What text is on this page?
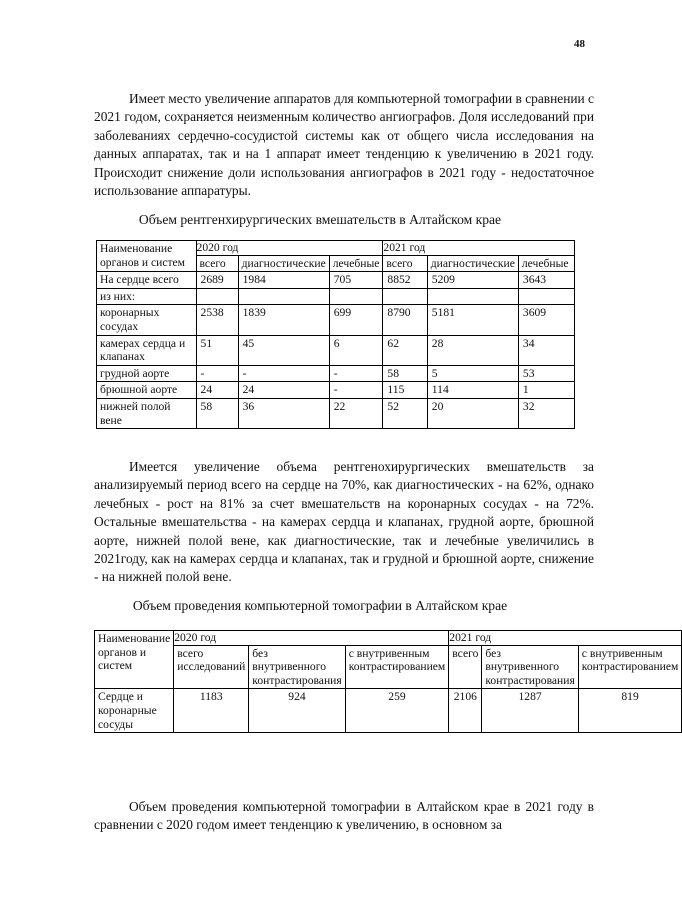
48

Имеет место увеличение аппаратов для компьютерной томографии в сравнении с 2021 годом, сохраняется неизменным количество ангиографов. Доля исследований при заболеваниях сердечно-сосудистой системы как от общего числа исследования на данных аппаратах, так и на 1 аппарат имеет тенденцию к увеличению в 2021 году. Происходит снижение доли использования ангиографов в 2021 году - недостаточное использование аппаратуры.

Объем рентгенхирургических вмешательств в Алтайском крае
Наименование органов и систем	2020 год			2021 год		
	всего	диагностические	лечебные	всего	диагностические	лечебные
На сердце всего	2689	1984	705	8852	5209	3643
из них:						
коронарных сосудах	2538	1839	699	8790	5181	3609
камерах сердца и клапанах	51	45	6	62	28	34
грудной аорте	-	-	-	58	5	53
брюшной аорте	24	24	-	115	114	1
нижней полой вене	58	36	22	52	20	32

Имеется увеличение объема рентгенохирургических вмешательств за анализируемый период всего на сердце на 70%, как диагностических - на 62%, однако лечебных - рост на 81% за счет вмешательств на коронарных сосудах - на 72%. Остальные вмешательства - на камерах сердца и клапанах, грудной аорте, брюшной аорте, нижней полой вене, как диагностические, так и лечебные увеличились в 2021году, как на камерах сердца и клапанах, так и грудной и брюшной аорте, снижение - на нижней полой вене.

Объем проведения компьютерной томографии в Алтайском крае
Наименование органов и систем	2020 год			2021 год		
	всего исследований	без внутривенного контрастирования	с внутривенным контрастированием	всего	без внутривенного контрастирования	с внутривенным контрастированием
Сердце и коронарные сосуды	1183	924	259	2106	1287	819

Объем проведения компьютерной томографии в Алтайском крае в 2021 году в сравнении с 2020 годом имеет тенденцию к увеличению, в основном за
